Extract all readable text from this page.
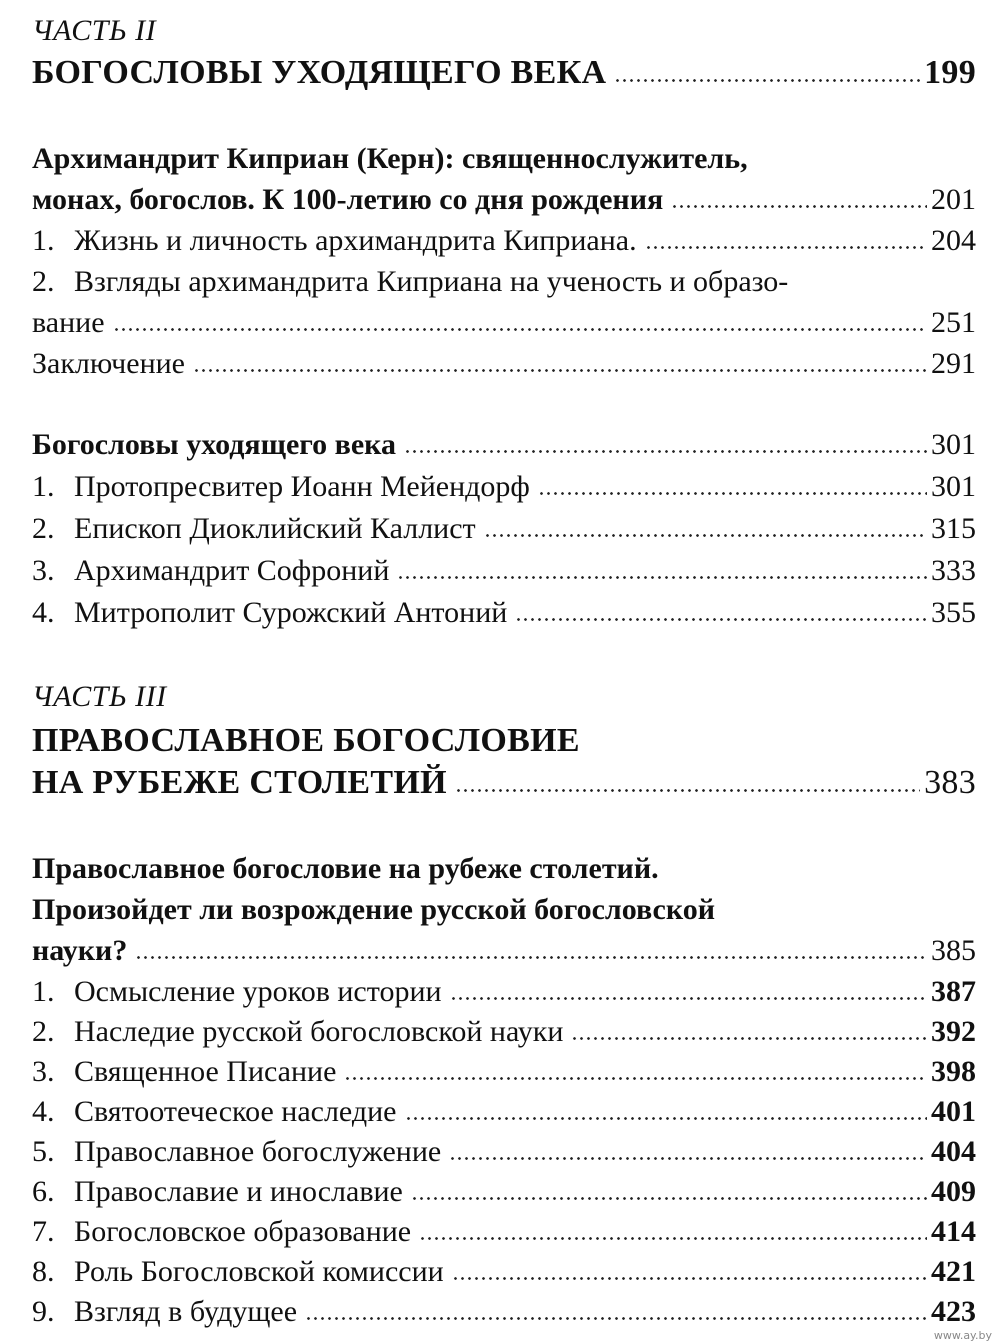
ЧАСТЬ II
БОГОСЛОВЫ УХОДЯЩЕГО ВЕКА	199
Архимандрит Киприан (Керн): священнослужитель,
монах, богослов. К 100-летию со дня рождения	201
1. Жизнь и личность архимандрита Киприана.	204
2. Взгляды архимандрита Киприана на ученость и образо-
вание	251
Заключение	291
Богословы уходящего века	301
1. Протопресвитер Иоанн Мейендорф	301
2. Епископ Диоклийский Каллист	315
3. Архимандрит Софроний	333
4. Митрополит Сурожский Антоний	355
ЧАСТЬ III
ПРАВОСЛАВНОЕ БОГОСЛОВИЕ
НА РУБЕЖЕ СТОЛЕТИЙ	383
Православное богословие на рубеже столетий.
Произойдет ли возрождение русской богословской
науки?	385
1. Осмысление уроков истории	387
2. Наследие русской богословской науки	392
3. Священное Писание	398
4. Святоотеческое наследие	401
5. Православное богослужение	404
6. Православие и инославие	409
7. Богословское образование	414
8. Роль Богословской комиссии	421
9. Взгляд в будущее	423
www.ay.by
